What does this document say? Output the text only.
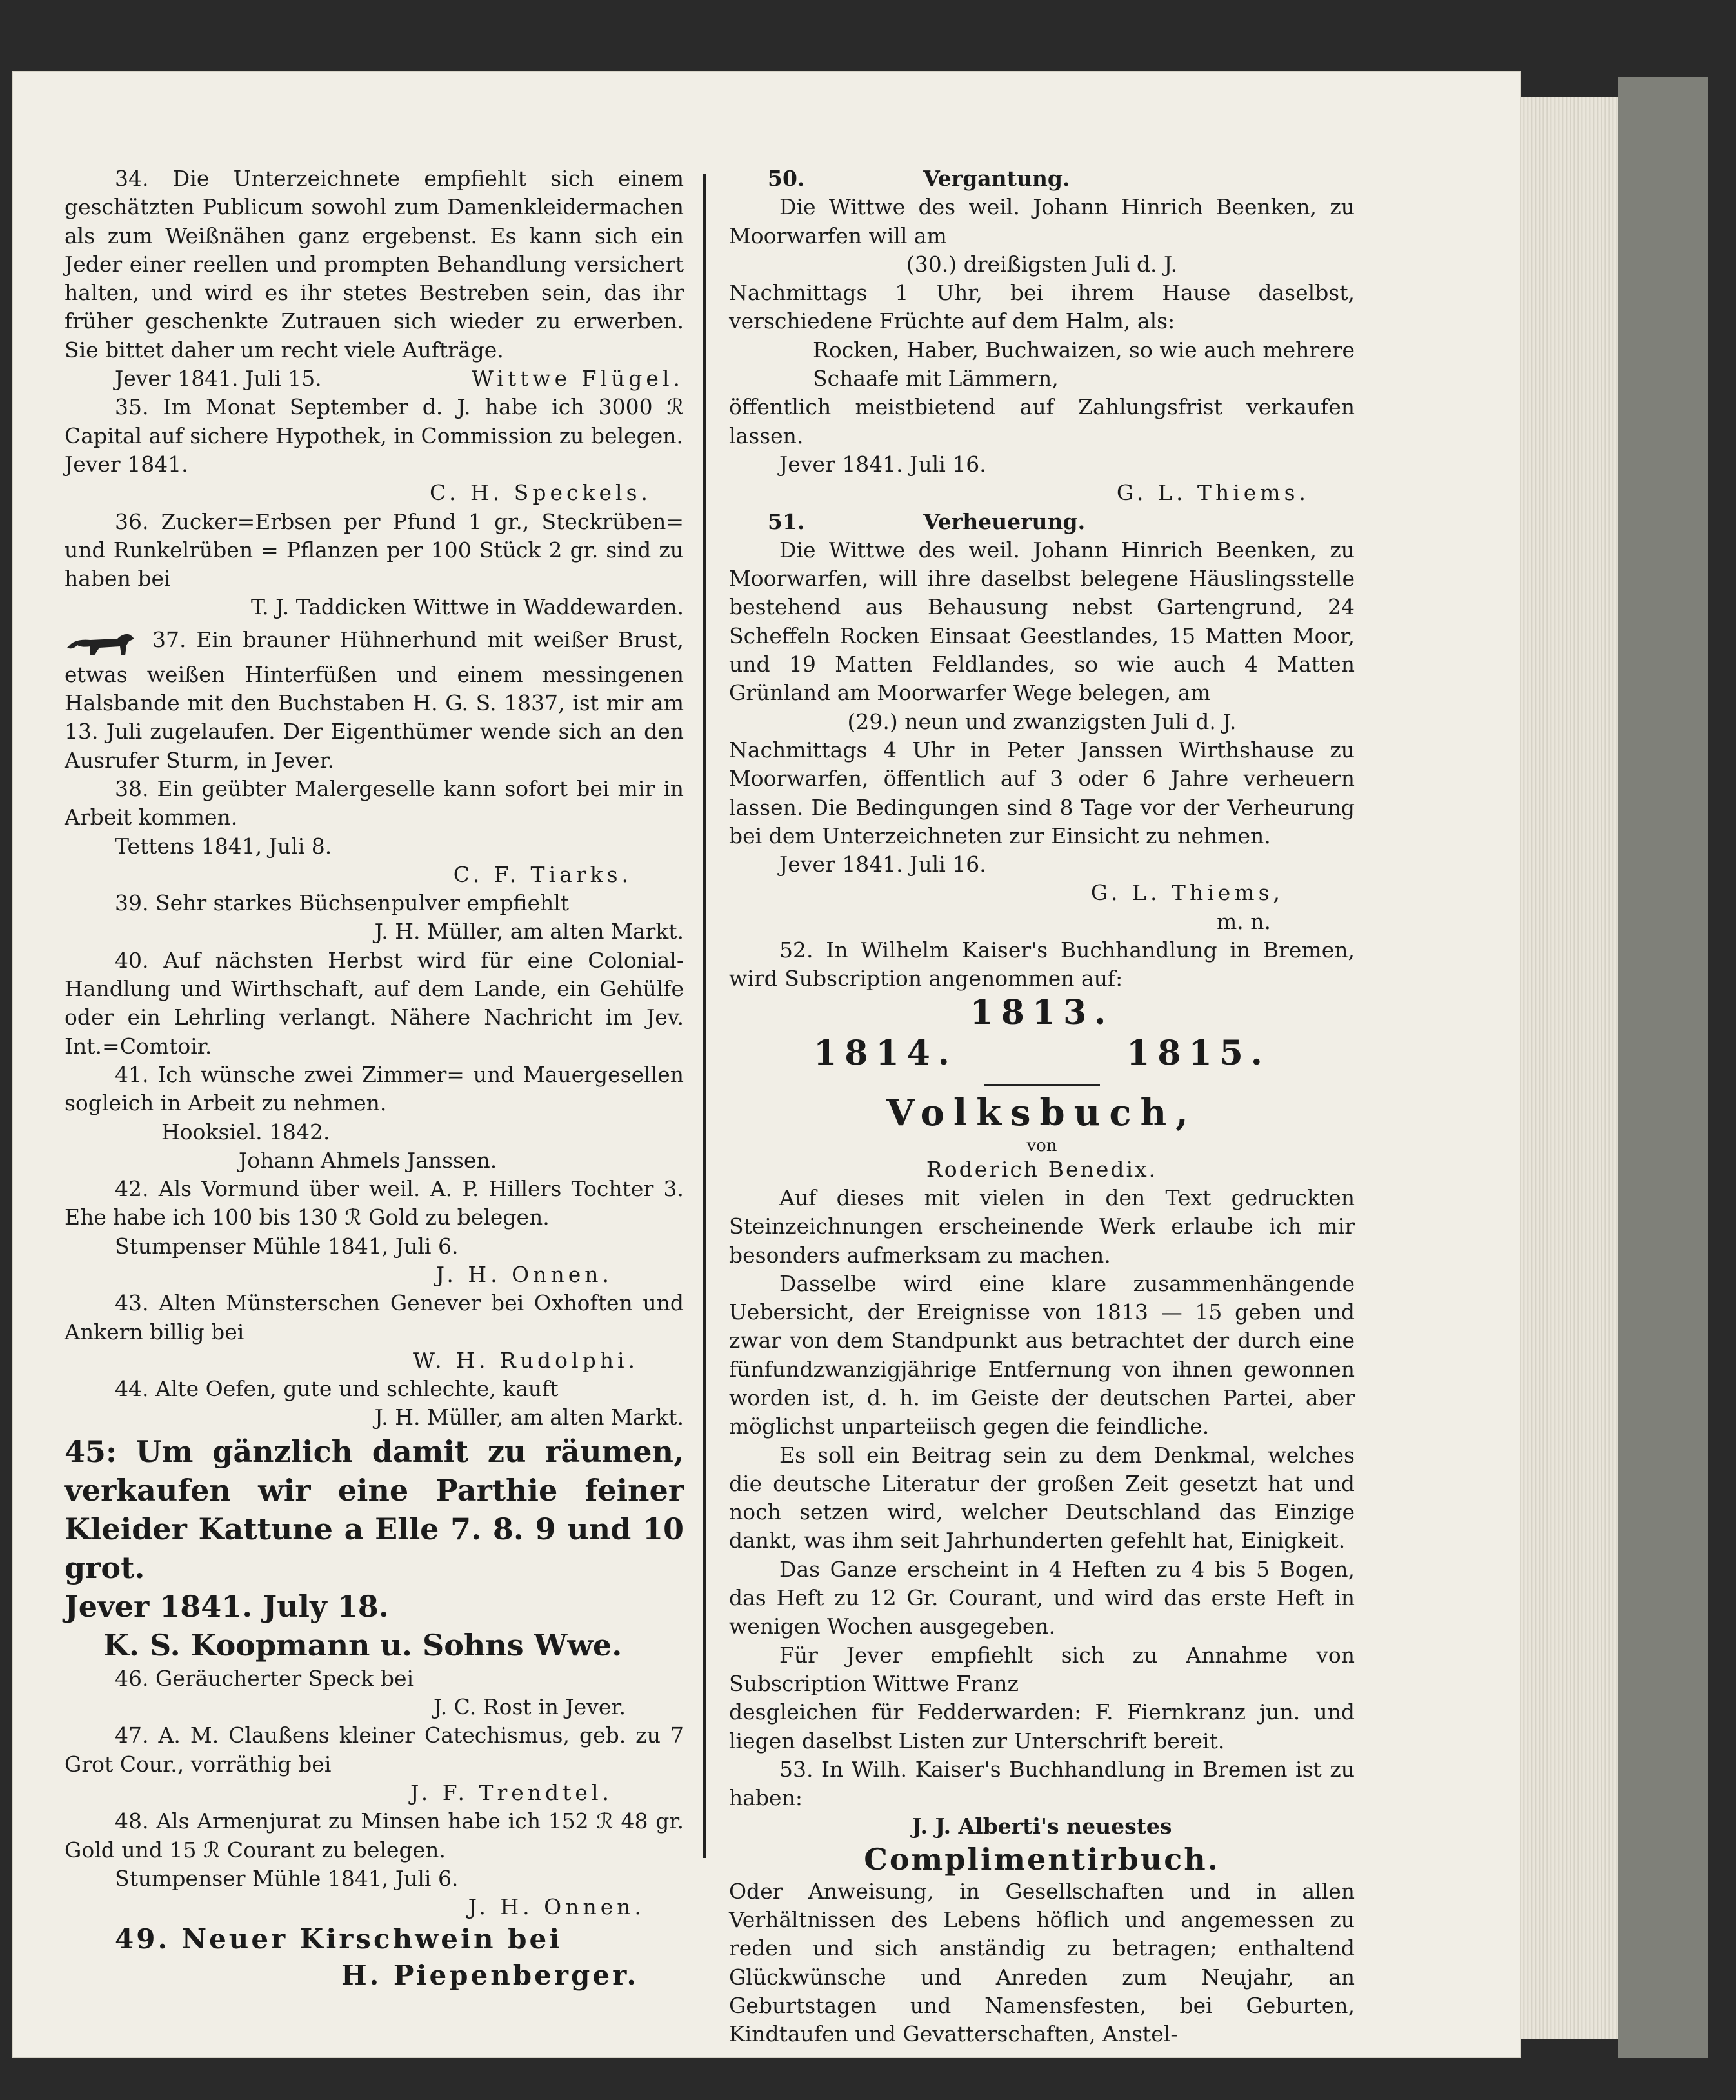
34. Die Unterzeichnete empfiehlt sich einem geschätzten Publicum sowohl zum Damenkleidermachen als zum Weißnähen ganz ergebenst. Es kann sich ein Jeder einer reellen und prompten Behandlung versichert halten, und wird es ihr stetes Bestreben sein, das ihr früher geschenkte Zutrauen sich wieder zu erwerben. Sie bittet daher um recht viele Aufträge.

Jever 1841. Juli 15.	Wittwe Flügel.

35. Im Monat September d. J. habe ich 3000 ℛ Capital auf sichere Hypothek, in Commission zu belegen.

Jever 1841.

C. H. Speckels.

36. Zucker=Erbsen per Pfund 1 gr., Steckrüben= und Runkelrüben = Pflanzen per 100 Stück 2 gr. sind zu haben bei

T. J. Taddicken Wittwe in Waddewarden.

37. Ein brauner Hühnerhund mit weißer Brust, etwas weißen Hinterfüßen und einem messingenen Halsbande mit den Buchstaben H. G. S. 1837, ist mir am 13. Juli zugelaufen. Der Eigenthümer wende sich an den Ausrufer Sturm, in Jever.

38. Ein geübter Malergeselle kann sofort bei mir in Arbeit kommen.

Tettens 1841, Juli 8.

C. F. Tiarks.

39. Sehr starkes Büchsenpulver empfiehlt

J. H. Müller, am alten Markt.

40. Auf nächsten Herbst wird für eine Colonial-Handlung und Wirthschaft, auf dem Lande, ein Gehülfe oder ein Lehrling verlangt. Nähere Nachricht im Jev. Int.=Comtoir.

41. Ich wünsche zwei Zimmer= und Mauergesellen sogleich in Arbeit zu nehmen.

Hooksiel. 1842.

Johann Ahmels Janssen.

42. Als Vormund über weil. A. P. Hillers Tochter 3. Ehe habe ich 100 bis 130 ℛ Gold zu belegen.

Stumpenser Mühle 1841, Juli 6.

J. H. Onnen.

43. Alten Münsterschen Genever bei Oxhoften und Ankern billig bei

W. H. Rudolphi.

44. Alte Oefen, gute und schlechte, kauft

J. H. Müller, am alten Markt.

45: Um gänzlich damit zu räumen, verkaufen wir eine Parthie feiner Kleider Kattune a Elle 7. 8. 9 und 10 grot.

Jever 1841. July 18.

K. S. Koopmann u. Sohns Wwe.

46. Geräucherter Speck bei

J. C. Rost in Jever.

47. A. M. Claußens kleiner Catechismus, geb. zu 7 Grot Cour., vorräthig bei

J. F. Trendtel.

48. Als Armenjurat zu Minsen habe ich 152 ℛ 48 gr. Gold und 15 ℛ Courant zu belegen.

Stumpenser Mühle 1841, Juli 6.

J. H. Onnen.

49. Neuer Kirschwein bei

H. Piepenberger.

50.                Vergantung.

Die Wittwe des weil. Johann Hinrich Beenken, zu Moorwarfen will am

(30.) dreißigsten Juli d. J.

Nachmittags 1 Uhr, bei ihrem Hause daselbst, verschiedene Früchte auf dem Halm, als:

Rocken, Haber, Buchwaizen, so wie auch mehrere Schaafe mit Lämmern,

öffentlich meistbietend auf Zahlungsfrist verkaufen lassen.

Jever 1841. Juli 16.

G. L. Thiems.

51.                Verheuerung.

Die Wittwe des weil. Johann Hinrich Beenken, zu Moorwarfen, will ihre daselbst belegene Häuslingsstelle bestehend aus Behausung nebst Gartengrund, 24 Scheffeln Rocken Einsaat Geestlandes, 15 Matten Moor, und 19 Matten Feldlandes, so wie auch 4 Matten Grünland am Moorwarfer Wege belegen, am

(29.) neun und zwanzigsten Juli d. J.

Nachmittags 4 Uhr in Peter Janssen Wirthshause zu Moorwarfen, öffentlich auf 3 oder 6 Jahre verheuern lassen. Die Bedingungen sind 8 Tage vor der Verheurung bei dem Unterzeichneten zur Einsicht zu nehmen.

Jever 1841. Juli 16.

G. L. Thiems,

m. n.

52. In Wilhelm Kaiser's Buchhandlung in Bremen, wird Subscription angenommen auf:

1813.

1814.	1815.

Volksbuch,

von

Roderich Benedix.

Auf dieses mit vielen in den Text gedruckten Steinzeichnungen erscheinende Werk erlaube ich mir besonders aufmerksam zu machen.

Dasselbe wird eine klare zusammenhängende Uebersicht, der Ereignisse von 1813 — 15 geben und zwar von dem Standpunkt aus betrachtet der durch eine fünfundzwanzigjährige Entfernung von ihnen gewonnen worden ist, d. h. im Geiste der deutschen Partei, aber möglichst unparteiisch gegen die feindliche.

Es soll ein Beitrag sein zu dem Denkmal, welches die deutsche Literatur der großen Zeit gesetzt hat und noch setzen wird, welcher Deutschland das Einzige dankt, was ihm seit Jahrhunderten gefehlt hat, Einigkeit.

Das Ganze erscheint in 4 Heften zu 4 bis 5 Bogen, das Heft zu 12 Gr. Courant, und wird das erste Heft in wenigen Wochen ausgegeben.

Für Jever empfiehlt sich zu Annahme von Subscription Wittwe Franz

desgleichen für Fedderwarden: F. Fiernkranz jun. und liegen daselbst Listen zur Unterschrift bereit.

53. In Wilh. Kaiser's Buchhandlung in Bremen ist zu haben:

J. J. Alberti's neuestes

Complimentirbuch.

Oder Anweisung, in Gesellschaften und in allen Verhältnissen des Lebens höflich und angemessen zu reden und sich anständig zu betragen; enthaltend Glückwünsche und Anreden zum Neujahr, an Geburtstagen und Namensfesten, bei Geburten, Kindtaufen und Gevatterschaften, Anstel-
